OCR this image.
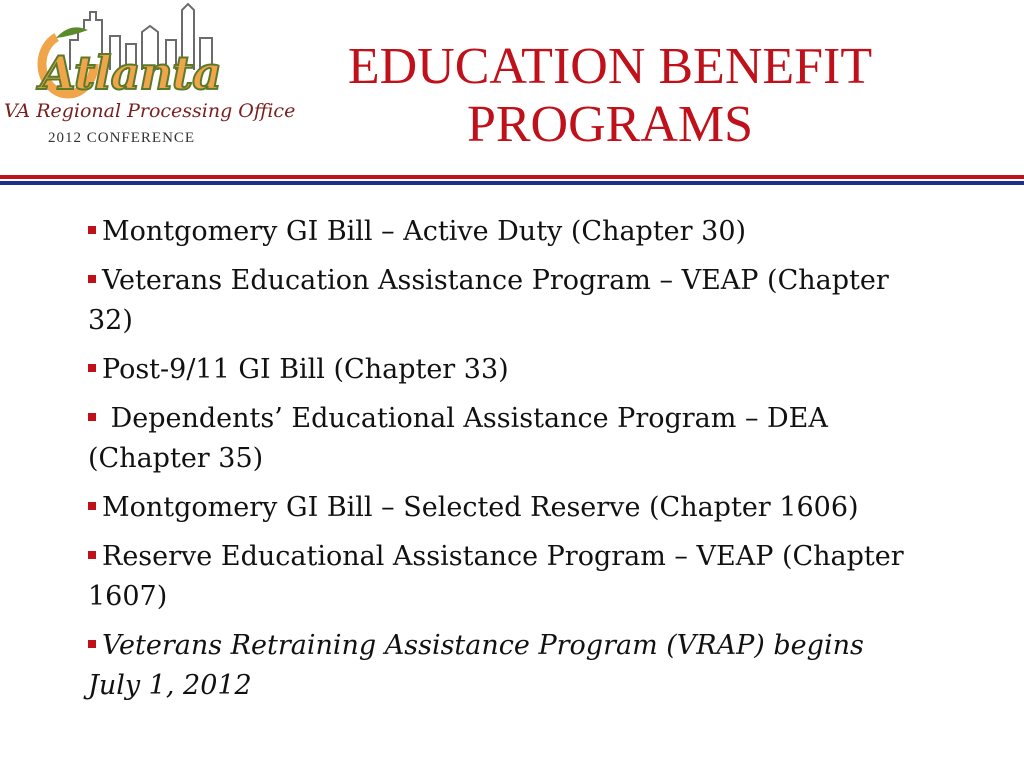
Atlanta
VA Regional Processing Office
2012 CONFERENCE
EDUCATION BENEFIT
PROGRAMS
Montgomery GI Bill – Active Duty (Chapter 30)
Veterans Education Assistance Program – VEAP (Chapter 32)
Post-9/11 GI Bill (Chapter 33)
Dependents’ Educational Assistance Program – DEA (Chapter 35)
Montgomery GI Bill – Selected Reserve (Chapter 1606)
Reserve Educational Assistance Program – VEAP (Chapter 1607)
Veterans Retraining Assistance Program (VRAP) begins July 1, 2012
